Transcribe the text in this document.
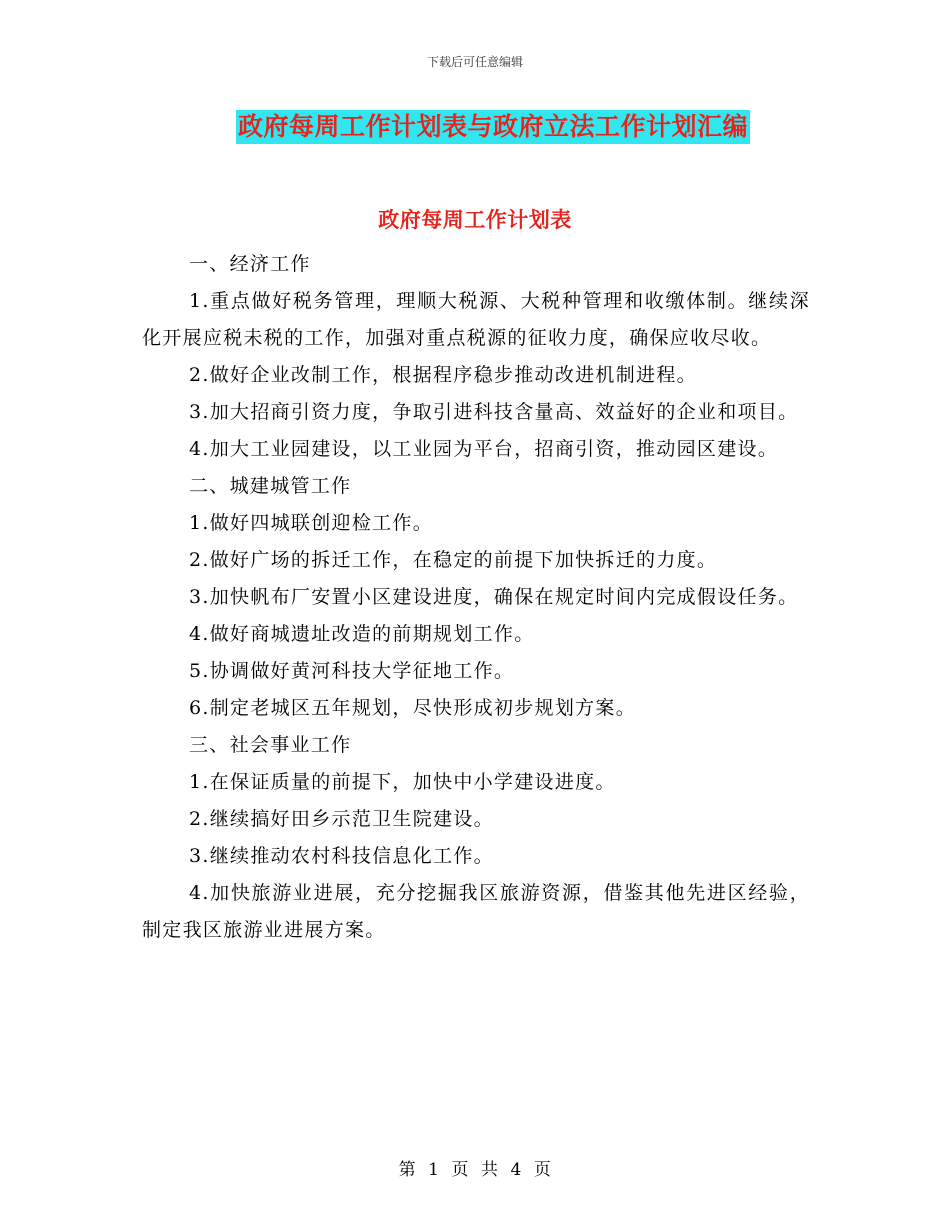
下载后可任意编辑
政府每周工作计划表与政府立法工作计划汇编
政府每周工作计划表

一、经济工作

1.重点做好税务管理，理顺大税源、大税种管理和收缴体制。继续深化开展应税未税的工作，加强对重点税源的征收力度，确保应收尽收。

2.做好企业改制工作，根据程序稳步推动改进机制进程。

3.加大招商引资力度，争取引进科技含量高、效益好的企业和项目。

4.加大工业园建设，以工业园为平台，招商引资，推动园区建设。

二、城建城管工作

1.做好四城联创迎检工作。

2.做好广场的拆迁工作，在稳定的前提下加快拆迁的力度。

3.加快帆布厂安置小区建设进度，确保在规定时间内完成假设任务。

4.做好商城遗址改造的前期规划工作。

5.协调做好黄河科技大学征地工作。

6.制定老城区五年规划，尽快形成初步规划方案。

三、社会事业工作

1.在保证质量的前提下，加快中小学建设进度。

2.继续搞好田乡示范卫生院建设。

3.继续推动农村科技信息化工作。

4.加快旅游业进展，充分挖掘我区旅游资源，借鉴其他先进区经验，制定我区旅游业进展方案。

第 1 页 共 4 页
